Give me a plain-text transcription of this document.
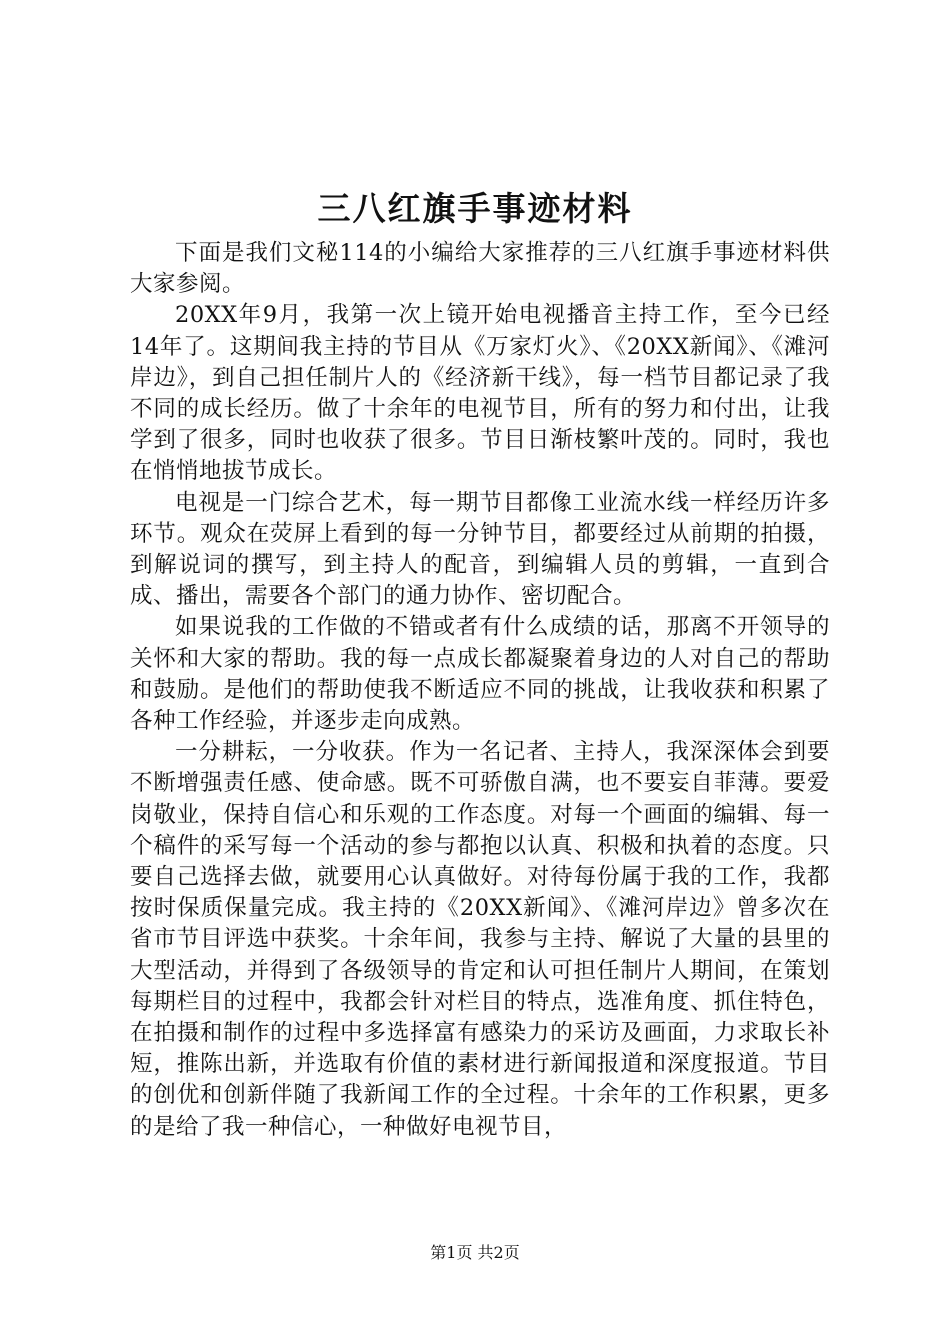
三八红旗手事迹材料

下面是我们文秘114的小编给大家推荐的三八红旗手事迹材料供大家参阅。

20XX年9月，我第一次上镜开始电视播音主持工作，至今已经14年了。这期间我主持的节目从《万家灯火》、《20XX新闻》、《滩河岸边》，到自己担任制片人的《经济新干线》，每一档节目都记录了我不同的成长经历。做了十余年的电视节目，所有的努力和付出，让我学到了很多，同时也收获了很多。节目日渐枝繁叶茂的。同时，我也在悄悄地拔节成长。

电视是一门综合艺术，每一期节目都像工业流水线一样经历许多环节。观众在荧屏上看到的每一分钟节目，都要经过从前期的拍摄，到解说词的撰写，到主持人的配音，到编辑人员的剪辑，一直到合成、播出，需要各个部门的通力协作、密切配合。

如果说我的工作做的不错或者有什么成绩的话，那离不开领导的关怀和大家的帮助。我的每一点成长都凝聚着身边的人对自己的帮助和鼓励。是他们的帮助使我不断适应不同的挑战，让我收获和积累了各种工作经验，并逐步走向成熟。

一分耕耘，一分收获。作为一名记者、主持人，我深深体会到要不断增强责任感、使命感。既不可骄傲自满，也不要妄自菲薄。要爱岗敬业，保持自信心和乐观的工作态度。对每一个画面的编辑、每一个稿件的采写每一个活动的参与都抱以认真、积极和执着的态度。只要自己选择去做，就要用心认真做好。对待每份属于我的工作，我都按时保质保量完成。我主持的《20XX新闻》、《滩河岸边》曾多次在省市节目评选中获奖。十余年间，我参与主持、解说了大量的县里的大型活动，并得到了各级领导的肯定和认可担任制片人期间，在策划每期栏目的过程中，我都会针对栏目的特点，选准角度、抓住特色，在拍摄和制作的过程中多选择富有感染力的采访及画面，力求取长补短，推陈出新，并选取有价值的素材进行新闻报道和深度报道。节目的创优和创新伴随了我新闻工作的全过程。十余年的工作积累，更多的是给了我一种信心，一种做好电视节目，

第1页 共2页
